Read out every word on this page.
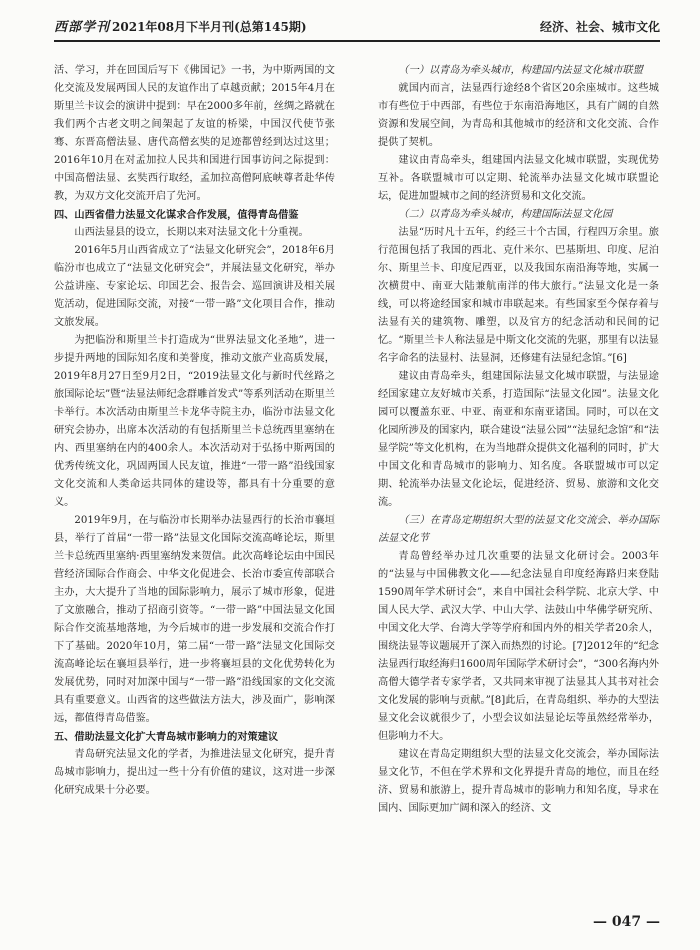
西部学刊 2021年08月下半月刊(总第145期)	经济、社会、城市文化

活、学习，并在回国后写下《佛国记》一书，为中斯两国的文化交流及发展两国人民的友谊作出了卓越贡献；2015年4月在斯里兰卡议会的演讲中提到：早在2000多年前，丝绸之路就在我们两个古老文明之间架起了友谊的桥梁，中国汉代使节张骞、东晋高僧法显、唐代高僧玄奘的足迹都曾经到达过这里；2016年10月在对孟加拉人民共和国进行国事访问之际提到：中国高僧法显、玄奘西行取经，孟加拉高僧阿底峡尊者赴华传教，为双方文化交流开启了先河。

四、山西省借力法显文化谋求合作发展，值得青岛借鉴

山西法显县的设立，长期以来对法显文化十分重视。

2016年5月山西省成立了“法显文化研究会”，2018年6月临汾市也成立了“法显文化研究会”，并展法显文化研究，举办公益讲座、专家论坛、印国艺会、报告会、巡回演讲及相关展览活动，促进国际交流，对接“一带一路”文化项目合作，推动文旅发展。

为把临汾和斯里兰卡打造成为“世界法显文化圣地”，进一步提升两地的国际知名度和美誉度，推动文旅产业高质发展，2019年8月27日至9月2日，“2019法显文化与新时代丝路之旅国际论坛”暨“法显法师纪念群雕首发式”等系列活动在斯里兰卡举行。本次活动由斯里兰卡龙华寺院主办，临汾市法显文化研究会协办，出席本次活动的有包括斯里兰卡总统西里塞纳在内、西里塞纳在内的400余人。本次活动对于弘扬中斯两国的优秀传统文化，巩固两国人民友谊，推进“一带一路”沿线国家文化交流和人类命运共同体的建设等，都具有十分重要的意义。

2019年9月，在与临汾市长期举办法显西行的长治市襄垣县，举行了首届“一带一路”法显文化国际交流高峰论坛，斯里兰卡总统西里塞纳·西里塞纳发来贺信。此次高峰论坛由中国民营经济国际合作商会、中华文化促进会、长治市委宣传部联合主办，大大提升了当地的国际影响力，展示了城市形象，促进了文旅融合，推动了招商引资等。“一带一路”中国法显文化国际合作交流基地落地，为今后城市的进一步发展和交流合作打下了基础。2020年10月，第二届“一带一路”法显文化国际交流高峰论坛在襄垣县举行，进一步将襄垣县的文化优势转化为发展优势，同时对加深中国与“一带一路”沿线国家的文化交流具有重要意义。山西省的这些做法方法大，涉及面广，影响深远，都值得青岛借鉴。

五、借助法显文化扩大青岛城市影响力的对策建议

青岛研究法显文化的学者，为推进法显文化研究，提升青岛城市影响力，提出过一些十分有价值的建议，这对进一步深化研究成果十分必要。

（一）以青岛为牵头城市，构建国内法显文化城市联盟

就国内而言，法显西行途经8个省区20余座城市。这些城市有些位于中西部，有些位于东南沿海地区，具有广阔的自然资源和发展空间，为青岛和其他城市的经济和文化交流、合作提供了契机。

建议由青岛牵头，组建国内法显文化城市联盟，实现优势互补。各联盟城市可以定期、轮流举办法显文化城市联盟论坛，促进加盟城市之间的经济贸易和文化交流。

（二）以青岛为牵头城市，构建国际法显文化园

法显“历时凡十五年，约经三十个古国，行程四万余里。旅行范围包括了我国的西北、克什米尔、巴基斯坦、印度、尼泊尔、斯里兰卡、印度尼西亚，以及我国东南沿海等地，实属一次横贯中、南亚大陆兼航南洋的伟大旅行。”法显文化是一条线，可以将途经国家和城市串联起来。有些国家至今保存着与法显有关的建筑物、雕塑，以及官方的纪念活动和民间的记忆。“斯里兰卡人称法显是中斯文化交流的先驱，那里有以法显名字命名的法显村、法显洞，还修建有法显纪念馆。”[6]

建议由青岛牵头，组建国际法显文化城市联盟，与法显途经国家建立友好城市关系，打造国际“法显文化园”。法显文化园可以覆盖东亚、中亚、南亚和东南亚诸国。同时，可以在文化园所涉及的国家内，联合建设“法显公园”“法显纪念馆”和“法显学院”等文化机构，在为当地群众提供文化福利的同时，扩大中国文化和青岛城市的影响力、知名度。各联盟城市可以定期、轮流举办法显文化论坛，促进经济、贸易、旅游和文化交流。

（三）在青岛定期组织大型的法显文化交流会、举办国际法显文化节

青岛曾经举办过几次重要的法显文化研讨会。2003年的“法显与中国佛教文化——纪念法显自印度经海路归来登陆1590周年学术研讨会”，来自中国社会科学院、北京大学、中国人民大学、武汉大学、中山大学、法鼓山中华佛学研究所、中国文化大学、台湾大学等学府和国内外的相关学者20余人，围绕法显等议题展开了深入而热烈的讨论。[7]2012年的“纪念法显西行取经海归1600周年国际学术研讨会”，“300名海内外高僧大德学者专家学者，又共同来审视了法显其人其书对社会文化发展的影响与贡献。”[8]此后，在青岛组织、举办的大型法显文化会议就很少了，小型会议如法显论坛等虽然经常举办，但影响力不大。

建议在青岛定期组织大型的法显文化交流会，举办国际法显文化节，不但在学术界和文化界提升青岛的地位，而且在经济、贸易和旅游上，提升青岛城市的影响力和知名度，导求在国内、国际更加广阔和深入的经济、文

— 047 —
